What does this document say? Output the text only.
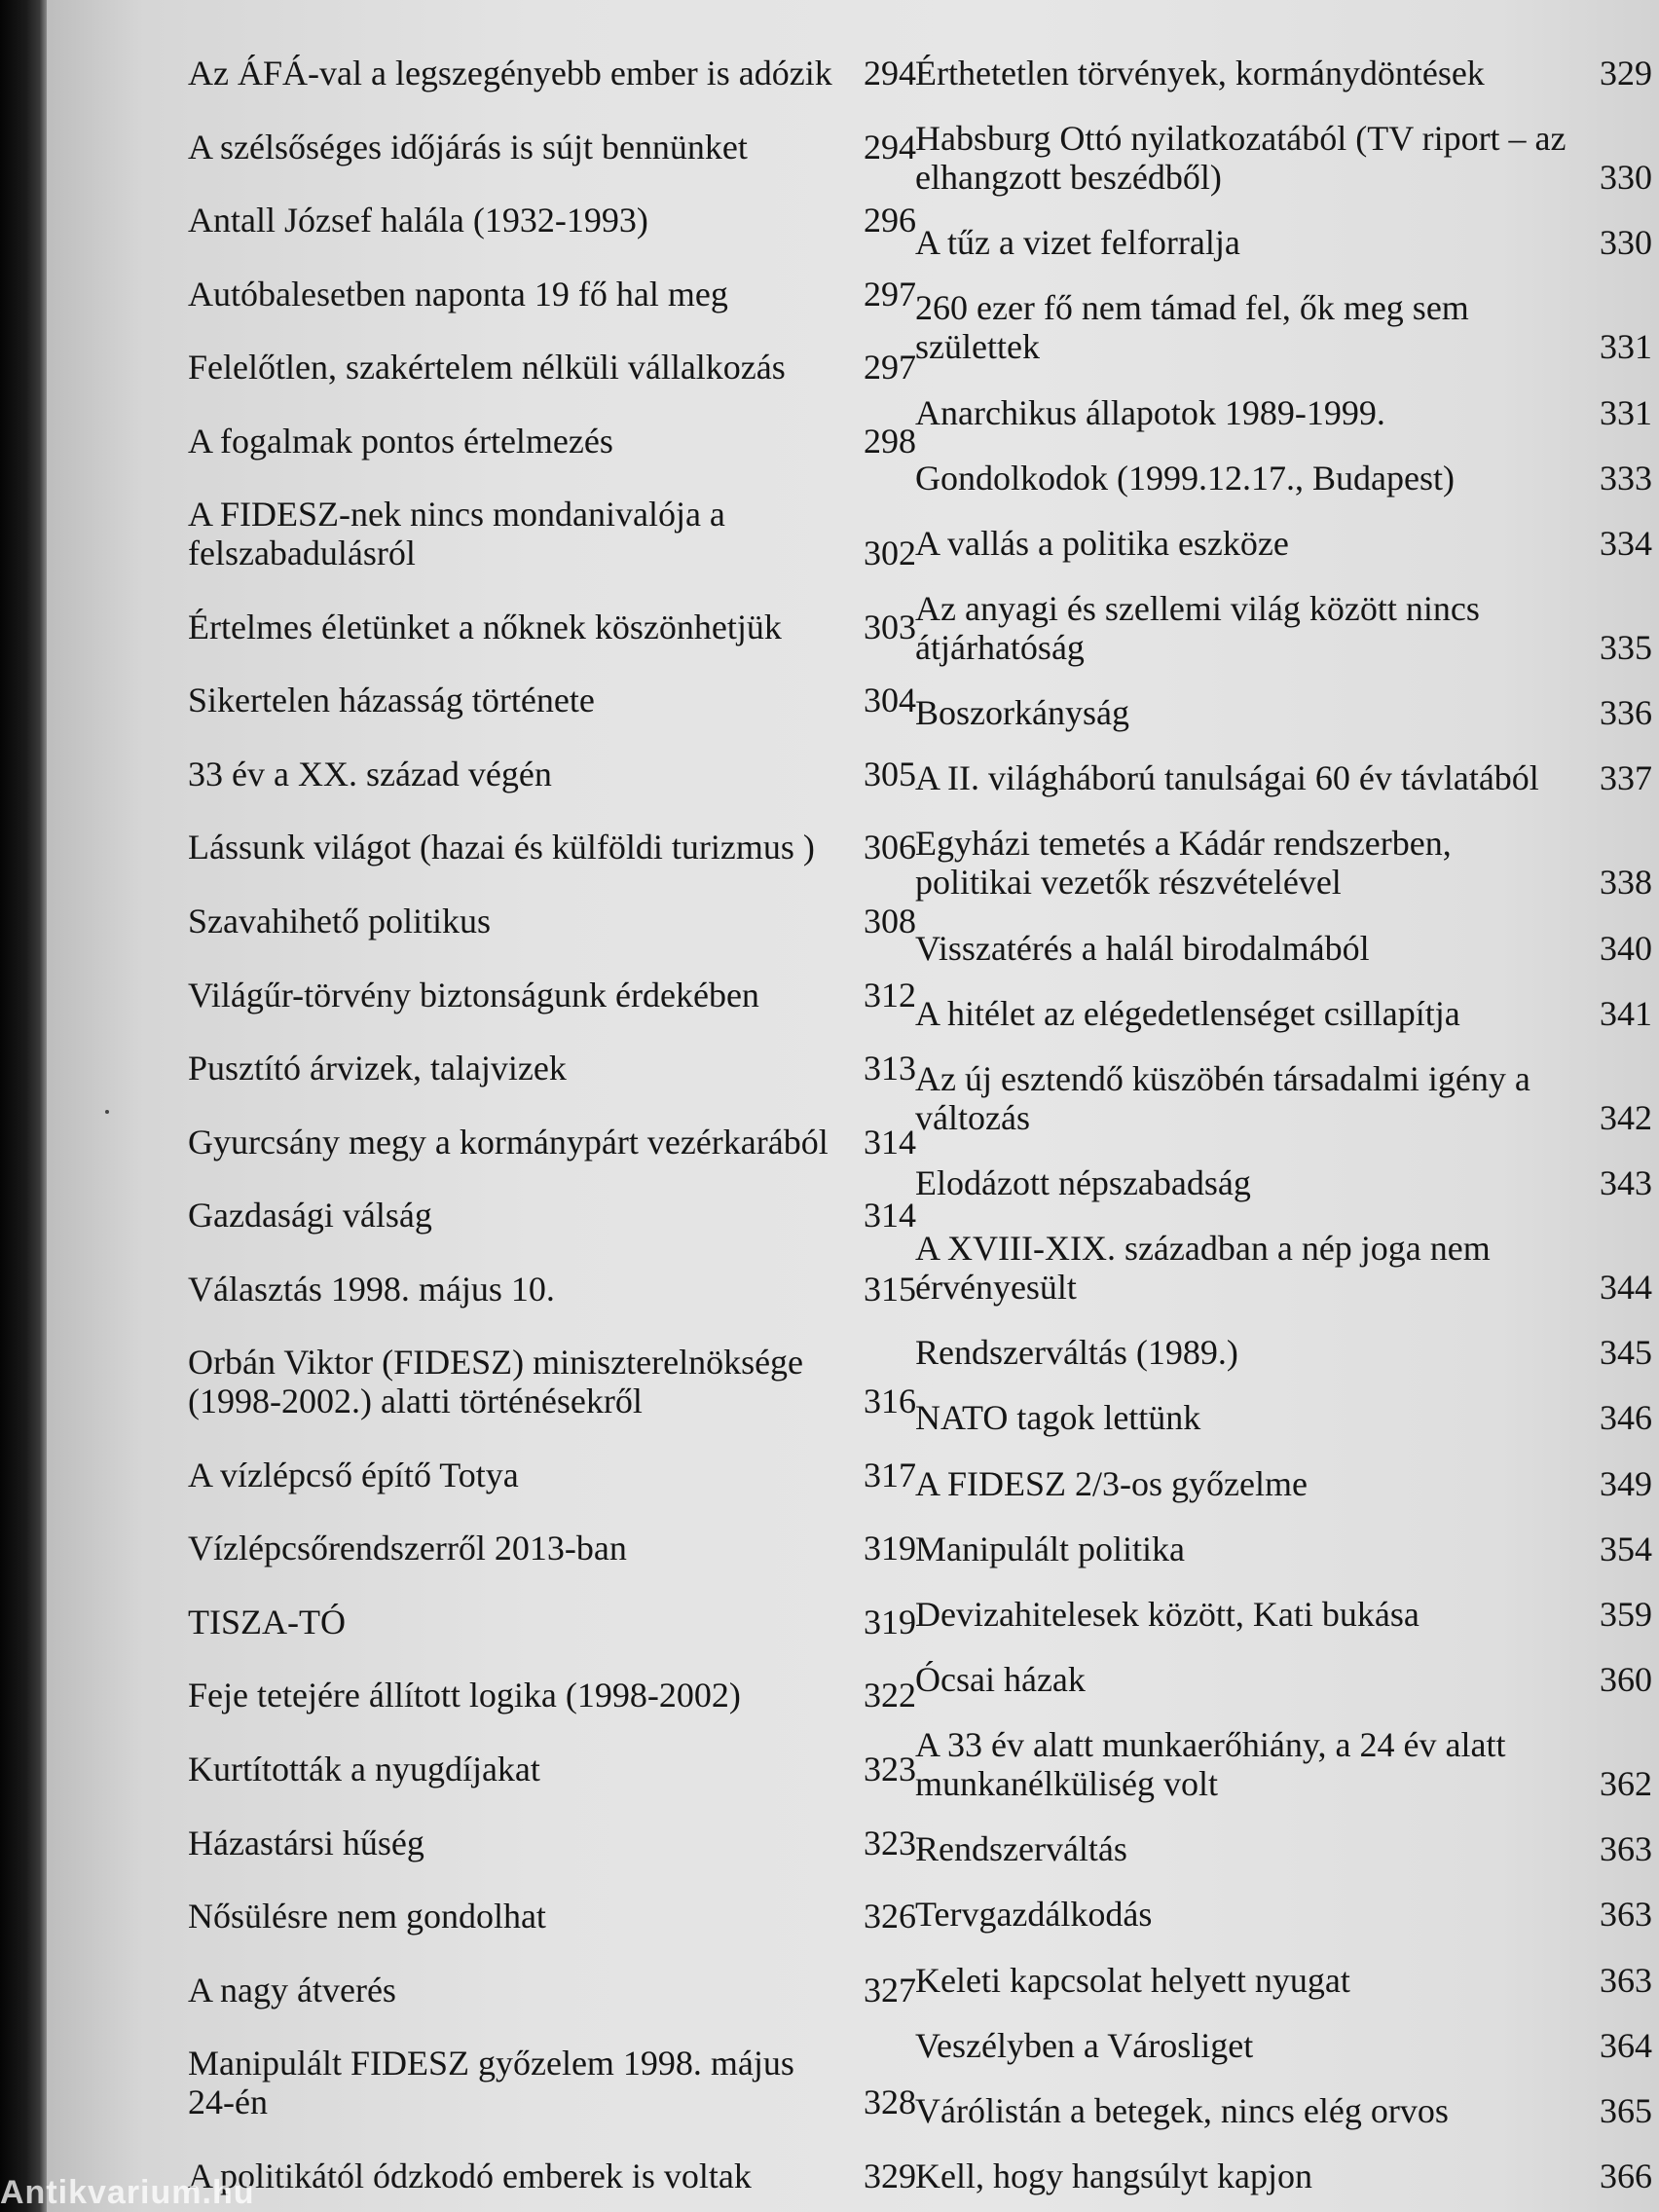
Az ÁFÁ-val a legszegényebb ember is adózik 294
A szélsőséges időjárás is sújt bennünket	294
Antall József halála (1932-1993)	296
Autóbalesetben naponta 19 fő hal meg	297
Felelőtlen, szakértelem nélküli vállalkozás	297
A fogalmak pontos értelmezés	298
A FIDESZ-nek nincs mondanivalója a felszabadulásról	302
Értelmes életünket a nőknek köszönhetjük	303
Sikertelen házasság története	304
33 év a XX. század végén	305
Lássunk világot (hazai és külföldi turizmus )	306
Szavahihető politikus	308
Világűr-törvény biztonságunk érdekében	312
Pusztító árvizek, talajvizek	313
Gyurcsány megy a kormánypárt vezérkarából	314
Gazdasági válság	314
Választás 1998. május 10.	315
Orbán Viktor (FIDESZ) miniszterelnöksége (1998-2002.) alatti történésekről	316
A vízlépcső építő Totya	317
Vízlépcsőrendszerről 2013-ban	319
TISZA-TÓ	319
Feje tetejére állított logika (1998-2002)	322
Kurtították a nyugdíjakat	323
Házastársi hűség	323
Nősülésre nem gondolhat	326
A nagy átverés	327
Manipulált FIDESZ győzelem 1998. május 24-én	328
A politikától ódzkodó emberek is voltak	329
Érthetetlen törvények, kormánydöntések	329
Habsburg Ottó nyilatkozatából (TV riport – az elhangzott beszédből)	330
A tűz a vizet felforralja	330
260 ezer fő nem támad fel, ők meg sem születtek	331
Anarchikus állapotok 1989-1999.	331
Gondolkodok (1999.12.17., Budapest)	333
A vallás a politika eszköze	334
Az anyagi és szellemi világ között nincs átjárhatóság	335
Boszorkányság	336
A II. világháború tanulságai 60 év távlatából	337
Egyházi temetés a Kádár rendszerben, politikai vezetők részvételével	338
Visszatérés a halál birodalmából	340
A hitélet az elégedetlenséget csillapítja	341
Az új esztendő küszöbén társadalmi igény a változás	342
Elodázott népszabadság	343
A XVIII-XIX. században a nép joga nem érvényesült	344
Rendszerváltás (1989.)	345
NATO tagok lettünk	346
A FIDESZ 2/3-os győzelme	349
Manipulált politika	354
Devizahitelesek között, Kati bukása	359
Ócsai házak	360
A 33 év alatt munkaerőhiány, a 24 év alatt munkanélküliség volt	362
Rendszerváltás	363
Tervgazdálkodás	363
Keleti kapcsolat helyett nyugat	363
Veszélyben a Városliget	364
Várólistán a betegek, nincs elég orvos	365
Kell, hogy hangsúlyt kapjon	366
Antikvarium.hu
